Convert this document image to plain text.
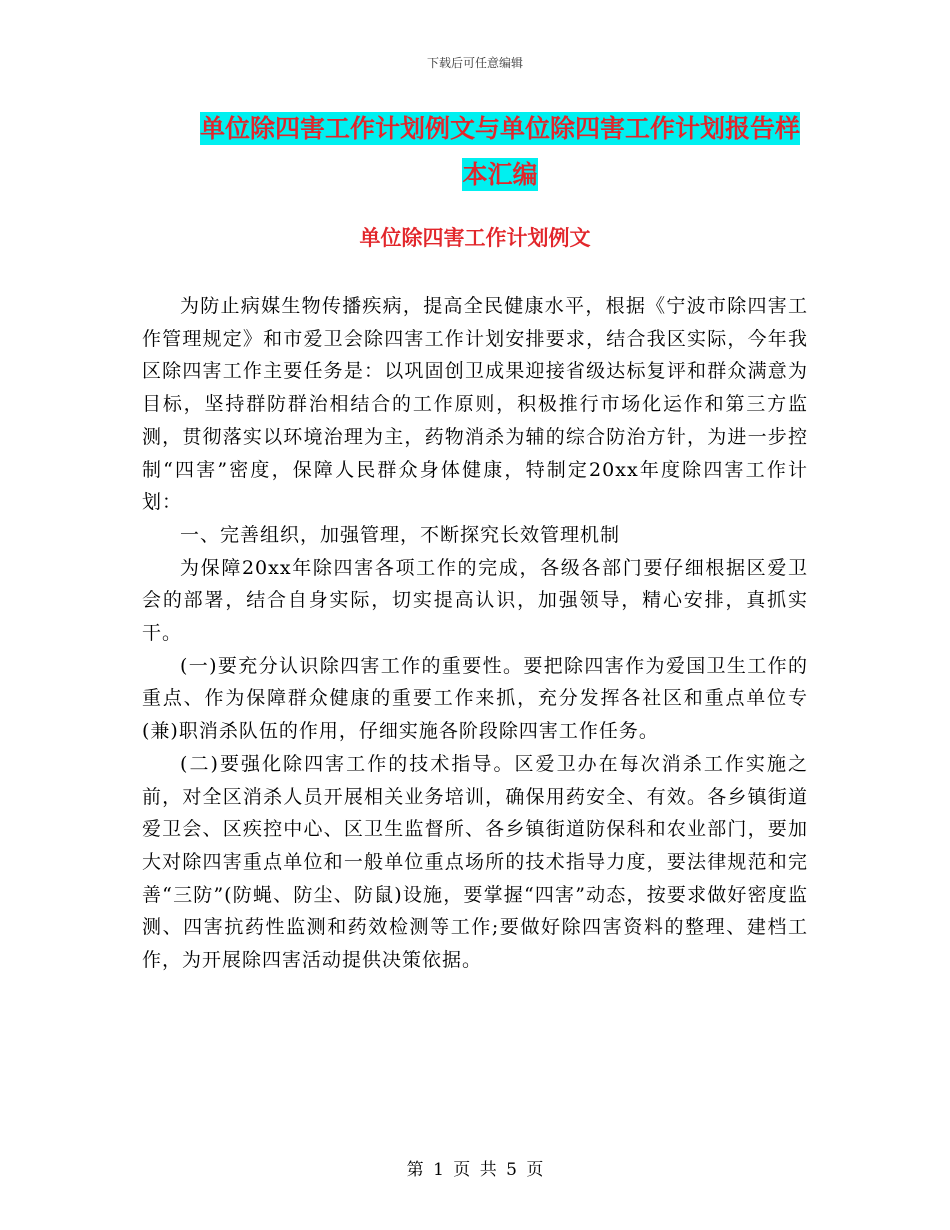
下载后可任意编辑
单位除四害工作计划例文与单位除四害工作计划报告样本汇编
单位除四害工作计划例文

为防止病媒生物传播疾病，提高全民健康水平，根据《宁波市除四害工作管理规定》和市爱卫会除四害工作计划安排要求，结合我区实际，今年我区除四害工作主要任务是：以巩固创卫成果迎接省级达标复评和群众满意为目标，坚持群防群治相结合的工作原则，积极推行市场化运作和第三方监测，贯彻落实以环境治理为主，药物消杀为辅的综合防治方针，为进一步控制“四害”密度，保障人民群众身体健康，特制定20xx年度除四害工作计划：

一、完善组织，加强管理，不断探究长效管理机制

为保障20xx年除四害各项工作的完成，各级各部门要仔细根据区爱卫会的部署，结合自身实际，切实提高认识，加强领导，精心安排，真抓实干。

(一)要充分认识除四害工作的重要性。要把除四害作为爱国卫生工作的重点、作为保障群众健康的重要工作来抓，充分发挥各社区和重点单位专(兼)职消杀队伍的作用，仔细实施各阶段除四害工作任务。

(二)要强化除四害工作的技术指导。区爱卫办在每次消杀工作实施之前，对全区消杀人员开展相关业务培训，确保用药安全、有效。各乡镇街道爱卫会、区疾控中心、区卫生监督所、各乡镇街道防保科和农业部门，要加大对除四害重点单位和一般单位重点场所的技术指导力度，要法律规范和完善“三防”(防蝇、防尘、防鼠)设施，要掌握“四害”动态，按要求做好密度监测、四害抗药性监测和药效检测等工作;要做好除四害资料的整理、建档工作，为开展除四害活动提供决策依据。

第 1 页 共 5 页
